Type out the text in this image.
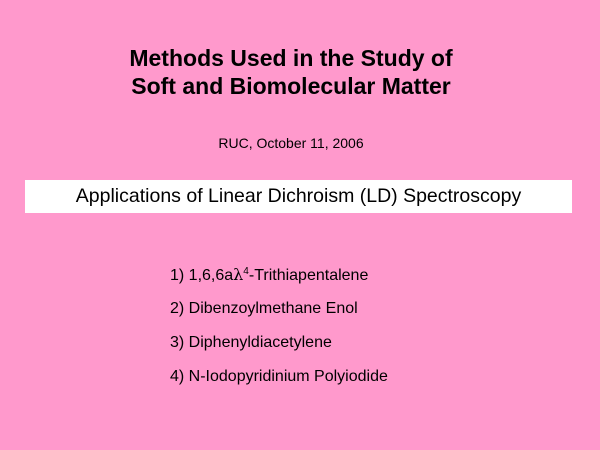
Methods Used in the Study of
Soft and Biomolecular Matter
RUC, October 11, 2006
Applications of Linear Dichroism (LD) Spectroscopy
1) $1,6,6a\lambda^4$-Trithiapentalene
2) Dibenzoylmethane Enol
3) Diphenyldiacetylene
4) N-Iodopyridinium Polyiodide
